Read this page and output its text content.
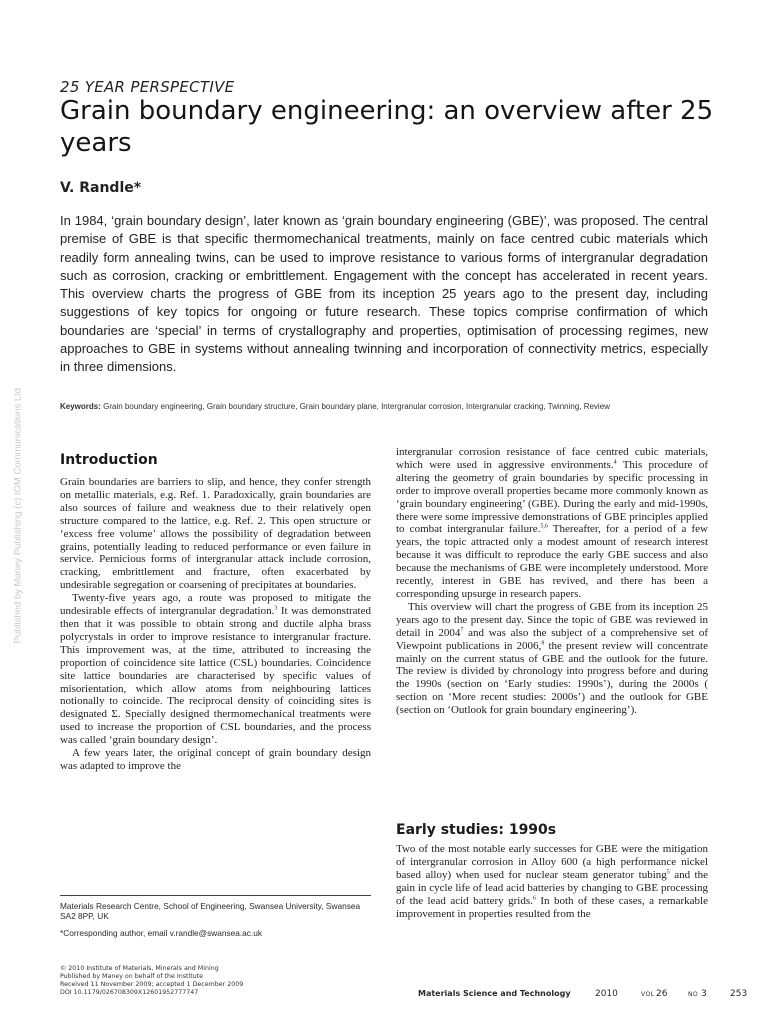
25 YEAR PERSPECTIVE
Grain boundary engineering: an overview after 25 years
V. Randle*

In 1984, ‘grain boundary design’, later known as ‘grain boundary engineering (GBE)’, was proposed. The central premise of GBE is that specific thermomechanical treatments, mainly on face centred cubic materials which readily form annealing twins, can be used to improve resistance to various forms of intergranular degradation such as corrosion, cracking or embrittlement. Engagement with the concept has accelerated in recent years. This overview charts the progress of GBE from its inception 25 years ago to the present day, including suggestions of key topics for ongoing or future research. These topics comprise confirmation of which boundaries are ‘special’ in terms of crystallography and properties, optimisation of processing regimes, new approaches to GBE in systems without annealing twinning and incorporation of connectivity metrics, especially in three dimensions.

Keywords: Grain boundary engineering, Grain boundary structure, Grain boundary plane, Intergranular corrosion, Intergranular cracking, Twinning, Review

Published by Maney Publishing (c) IOM Communications Ltd	Introduction

Grain boundaries are barriers to slip, and hence, they confer strength on metallic materials, e.g. Ref. 1. Paradoxically, grain boundaries are also sources of failure and weakness due to their relatively open structure compared to the lattice, e.g. Ref. 2. This open structure or ‘excess free volume’ allows the possibility of degradation between grains, potentially leading to reduced performance or even failure in service. Pernicious forms of intergranular attack include corrosion, cracking, embrittlement and fracture, often exacerbated by undesirable segregation or coarsening of precipitates at boundaries.

Twenty-five years ago, a route was proposed to mitigate the undesirable effects of intergranular degradation.$^3$ It was demonstrated then that it was possible to obtain strong and ductile alpha brass polycrystals in order to improve resistance to intergranular fracture. This improvement was, at the time, attributed to increasing the proportion of coincidence site lattice (CSL) boundaries. Coincidence site lattice boundaries are characterised by specific values of misorientation, which allow atoms from neighbouring lattices notionally to coincide. The reciprocal density of coinciding sites is designated Σ. Specially designed thermomechanical treatments were used to increase the proportion of CSL boundaries, and the process was called ‘grain boundary design’.

A few years later, the original concept of grain boundary design was adapted to improve the

intergranular corrosion resistance of face centred cubic materials, which were used in aggressive environments.$^4$ This procedure of altering the geometry of grain boundaries by specific processing in order to improve overall properties became more commonly known as ‘grain boundary engineering’ (GBE). During the early and mid-1990s, there were some impressive demonstrations of GBE principles applied to combat intergranular failure.$^{5,6}$ Thereafter, for a period of a few years, the topic attracted only a modest amount of research interest because it was difficult to reproduce the early GBE success and also because the mechanisms of GBE were incompletely understood. More recently, interest in GBE has revived, and there has been a corresponding upsurge in research papers.

This overview will chart the progress of GBE from its inception 25 years ago to the present day. Since the topic of GBE was reviewed in detail in 2004$^7$ and was also the subject of a comprehensive set of Viewpoint publications in 2006,$^8$ the present review will concentrate mainly on the current status of GBE and the outlook for the future. The review is divided by chronology into progress before and during the 1990s (section on ‘Early studies: 1990s’), during the 2000s ( section on ‘More recent studies: 2000s’) and the outlook for GBE (section on ‘Outlook for grain boundary engineering’).

Early studies: 1990s

Two of the most notable early successes for GBE were the mitigation of intergranular corrosion in Alloy 600 (a high performance nickel based alloy) when used for nuclear steam generator tubing$^5$ and the gain in cycle life of lead acid batteries by changing to GBE processing of the lead acid battery grids.$^6$ In both of these cases, a remarkable improvement in properties resulted from the

Materials Research Centre, School of Engineering, Swansea University, Swansea SA2 8PP, UK

*Corresponding author, email v.randle@swansea.ac.uk

© 2010 Institute of Materials, Minerals and Mining
Published by Maney on behalf of the Institute
Received 11 November 2009; accepted 1 December 2009
DOI 10.1179/026708309X12601952777747	Materials Science and Technology	2010	VOL 26	NO 3	253
